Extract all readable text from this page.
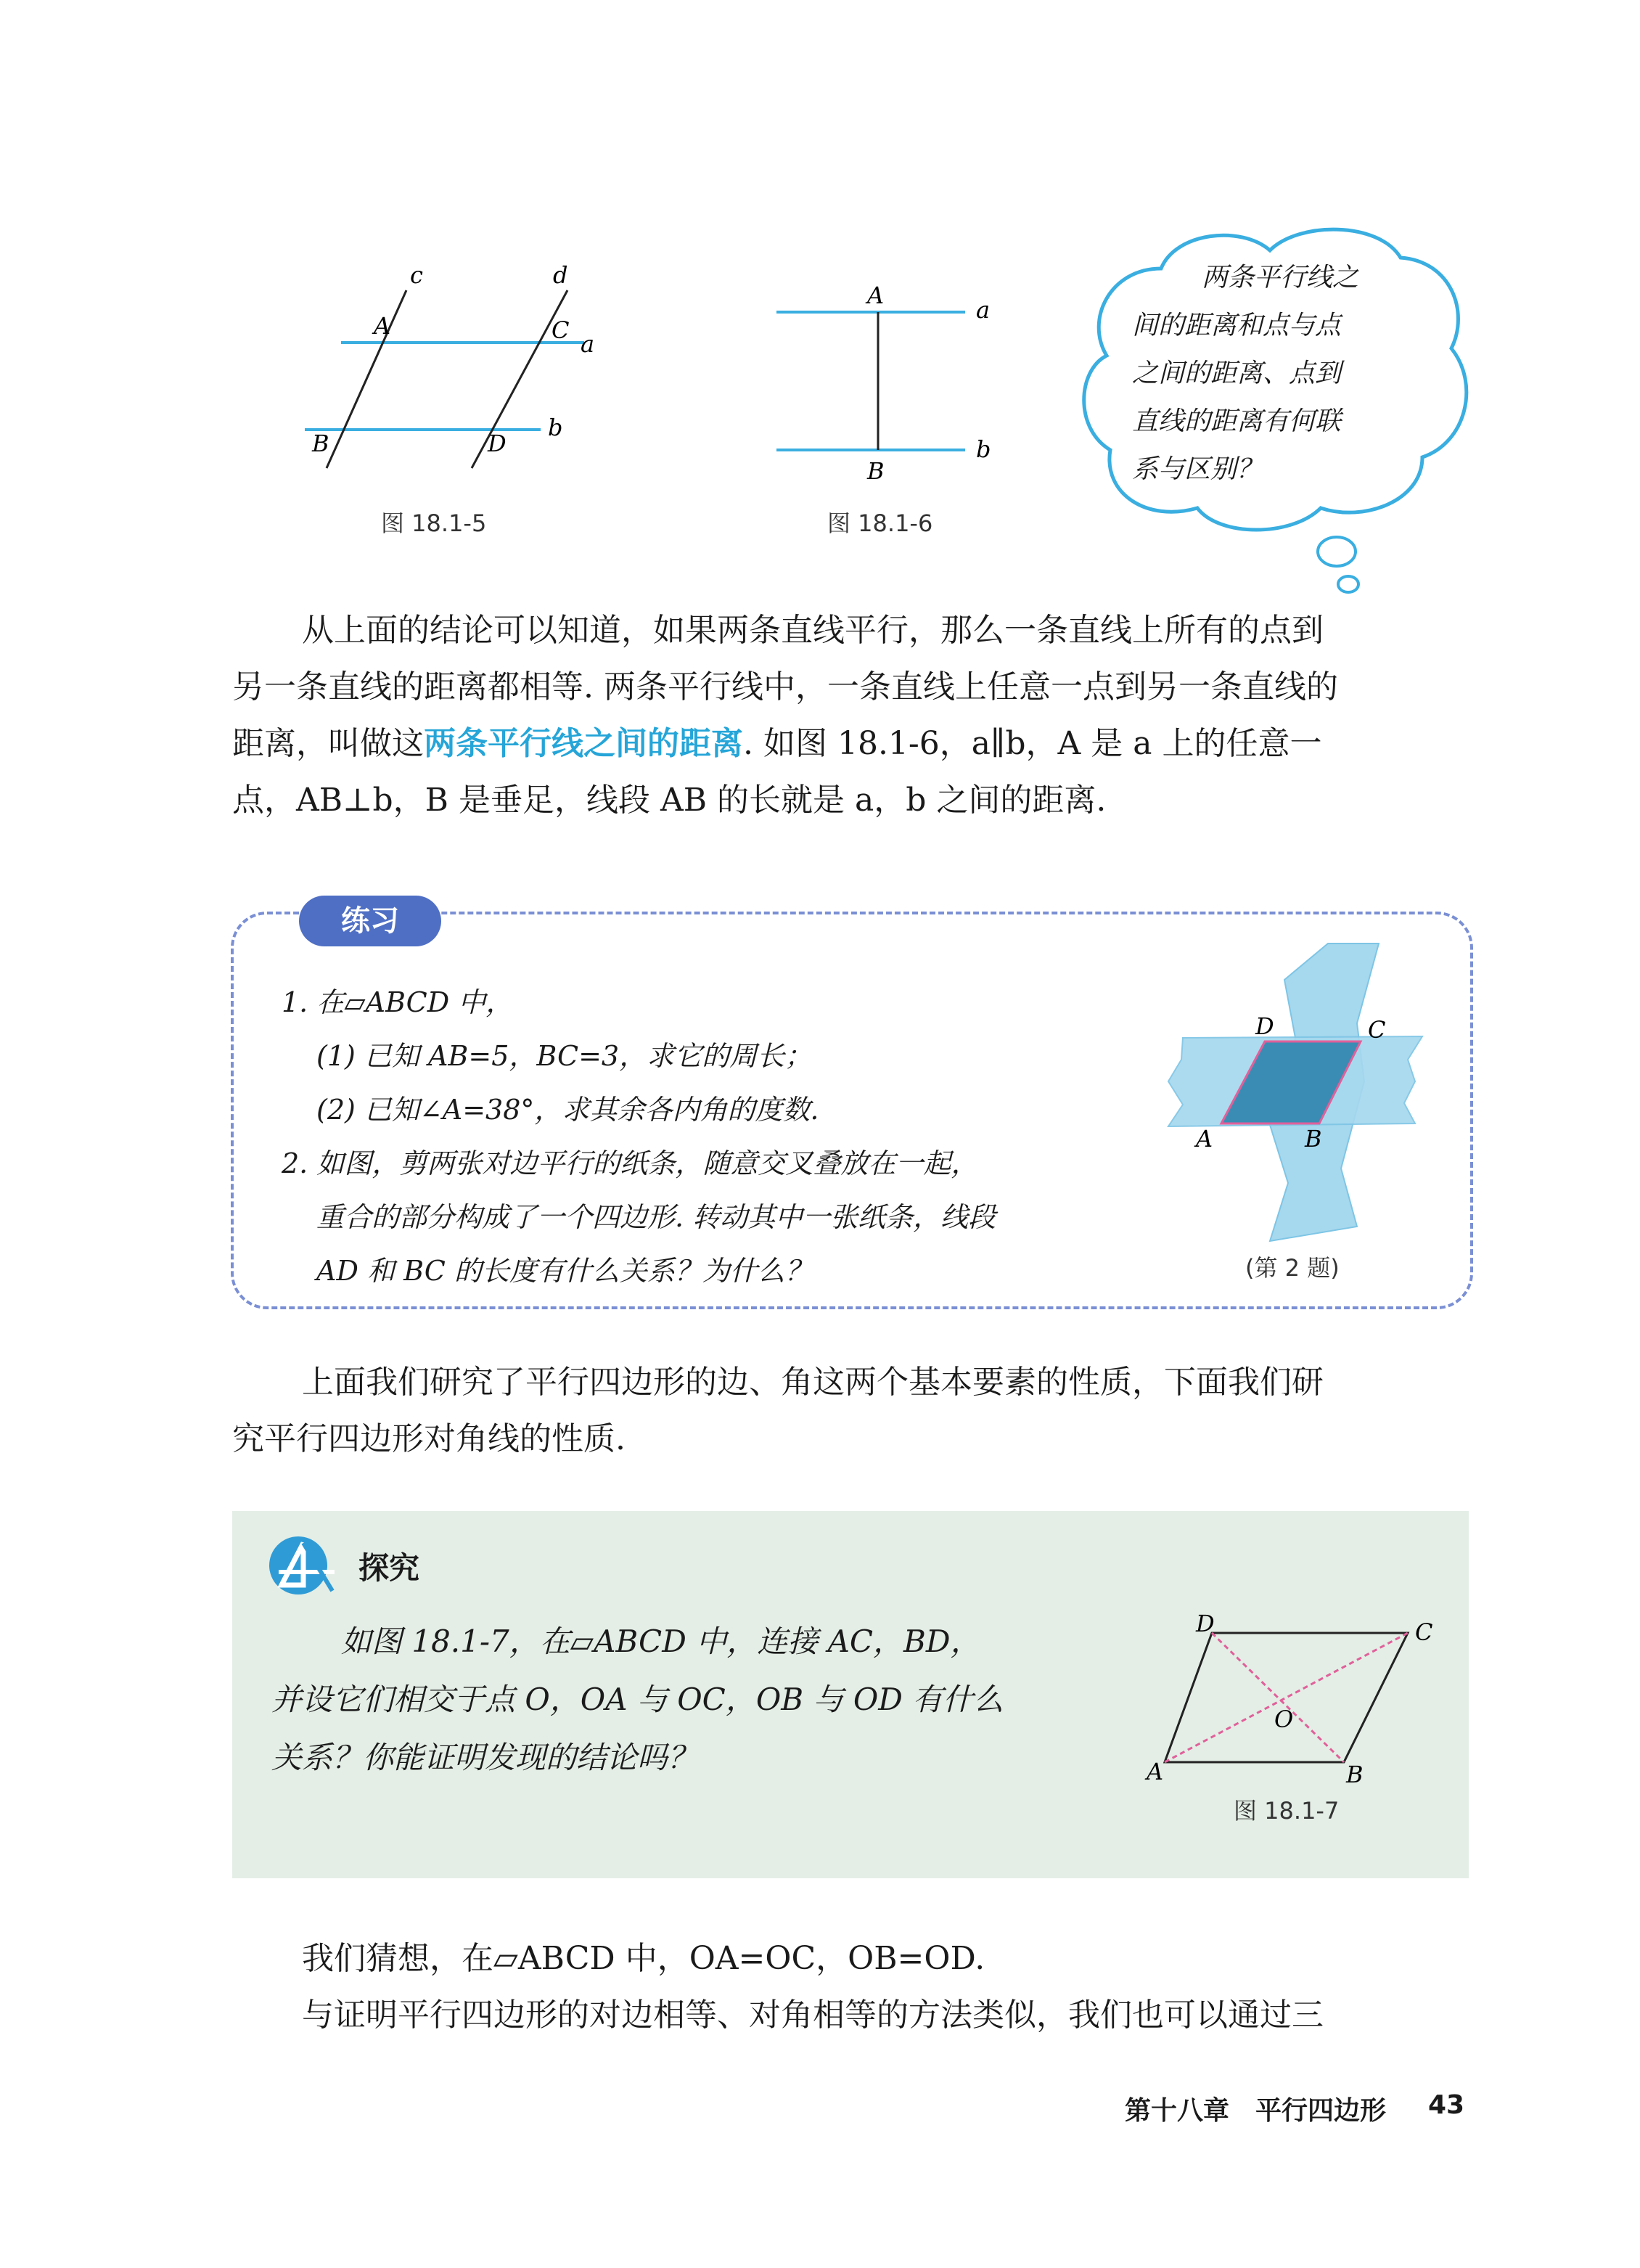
c	d
A	C a
B	D
b
图 18.1-5
A
a
B
b
图 18.1-6
两条平行线之
间的距离和点与点
之间的距离、点到
直线的距离有何联
系与区别？

从上面的结论可以知道，如果两条直线平行，那么一条直线上所有的点到

另一条直线的距离都相等. 两条平行线中，一条直线上任意一点到另一条直线的

距离，叫做这两条平行线之间的距离. 如图 18.1-6，a∥b，A 是 a 上的任意一

点，AB⊥b，B 是垂足，线段 AB 的长就是 a，b 之间的距离.

练习
1. 在▱ABCD 中，
(1) 已知 AB=5，BC=3，求它的周长；
(2) 已知∠A=38°，求其余各内角的度数.
2. 如图，剪两张对边平行的纸条，随意交叉叠放在一起，
重合的部分构成了一个四边形. 转动其中一张纸条，线段
AD 和 BC 的长度有什么关系？为什么？
D	C
A	B
(第 2 题)

上面我们研究了平行四边形的边、角这两个基本要素的性质，下面我们研

究平行四边形对角线的性质.

探究
如图 18.1-7，在▱ABCD 中，连接 AC，BD，
并设它们相交于点 O，OA 与 OC，OB 与 OD 有什么
关系？你能证明发现的结论吗？
D	C
O
A	B
图 18.1-7

我们猜想，在▱ABCD 中，OA=OC，OB=OD.

与证明平行四边形的对边相等、对角相等的方法类似，我们也可以通过三

第十八章　平行四边形 43
